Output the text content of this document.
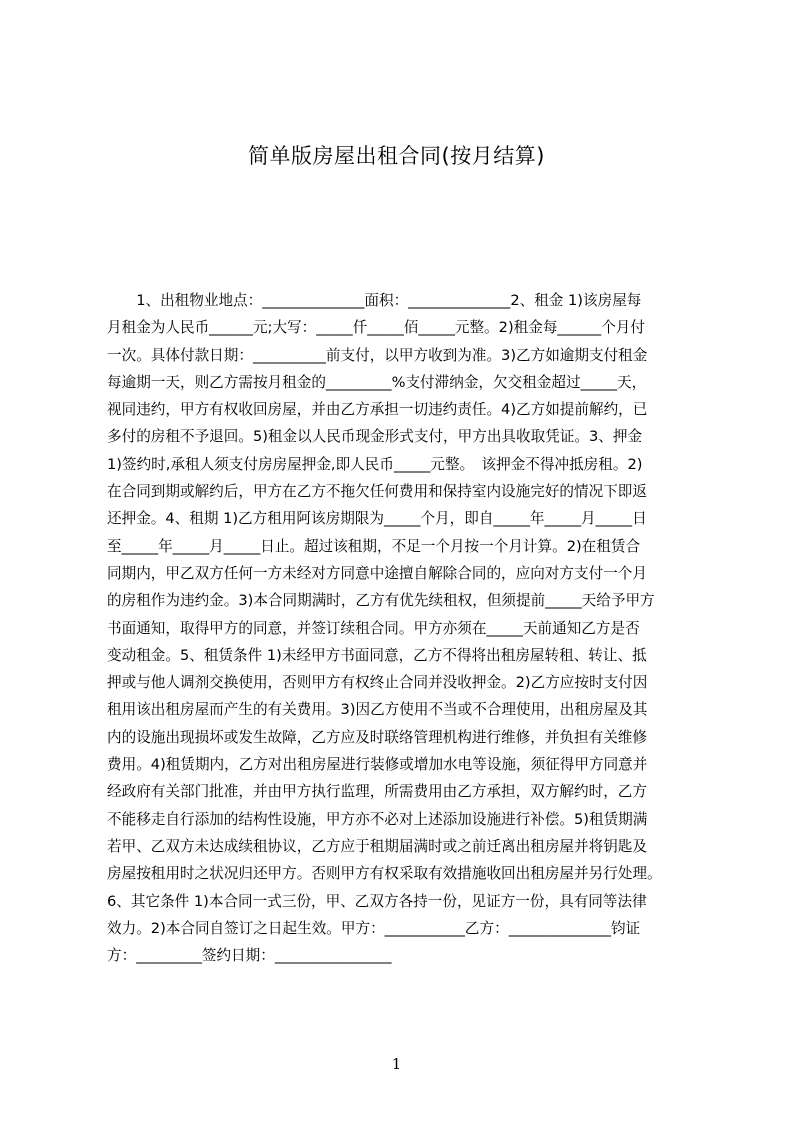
简单版房屋出租合同(按月结算)
　　1、出租物业地点：______________面积：______________2、租金 1)该房屋每
月租金为人民币______元;大写：_____仟_____佰_____元整。2)租金每______个月付
一次。具体付款日期：__________前支付，以甲方收到为准。3)乙方如逾期支付租金
每逾期一天，则乙方需按月租金的_________%支付滞纳金，欠交租金超过_____天，
视同违约，甲方有权收回房屋，并由乙方承担一切违约责任。4)乙方如提前解约，已
多付的房租不予退回。5)租金以人民币现金形式支付，甲方出具收取凭证。3、押金
1)签约时,承租人须支付房房屋押金,即人民币_____元整。　该押金不得冲抵房租。2)
在合同到期或解约后，甲方在乙方不拖欠任何费用和保持室内设施完好的情况下即返
还押金。4、租期 1)乙方租用阿该房期限为_____个月，即自_____年_____月_____日
至_____年_____月_____日止。超过该租期，不足一个月按一个月计算。2)在租赁合
同期内，甲乙双方任何一方未经对方同意中途擅自解除合同的，应向对方支付一个月
的房租作为违约金。3)本合同期满时，乙方有优先续租权，但须提前_____天给予甲方
书面通知，取得甲方的同意，并签订续租合同。甲方亦须在_____天前通知乙方是否
变动租金。5、租赁条件 1)未经甲方书面同意，乙方不得将出租房屋转租、转让、抵
押或与他人调剂交换使用，否则甲方有权终止合同并没收押金。2)乙方应按时支付因
租用该出租房屋而产生的有关费用。3)因乙方使用不当或不合理使用，出租房屋及其
内的设施出现损坏或发生故障，乙方应及时联络管理机构进行维修，并负担有关维修
费用。4)租赁期内，乙方对出租房屋进行装修或增加水电等设施，须征得甲方同意并
经政府有关部门批准，并由甲方执行监理，所需费用由乙方承担，双方解约时，乙方
不能移走自行添加的结构性设施，甲方亦不必对上述添加设施进行补偿。5)租赁期满
若甲、乙双方未达成续租协议，乙方应于租期届满时或之前迁离出租房屋并将钥匙及
房屋按租用时之状况归还甲方。否则甲方有权采取有效措施收回出租房屋并另行处理。
6、其它条件 1)本合同一式三份，甲、乙双方各持一份，见证方一份，具有同等法律
效力。2)本合同自签订之日起生效。甲方：___________乙方：______________钧证
方：_________签约日期：________________
1
